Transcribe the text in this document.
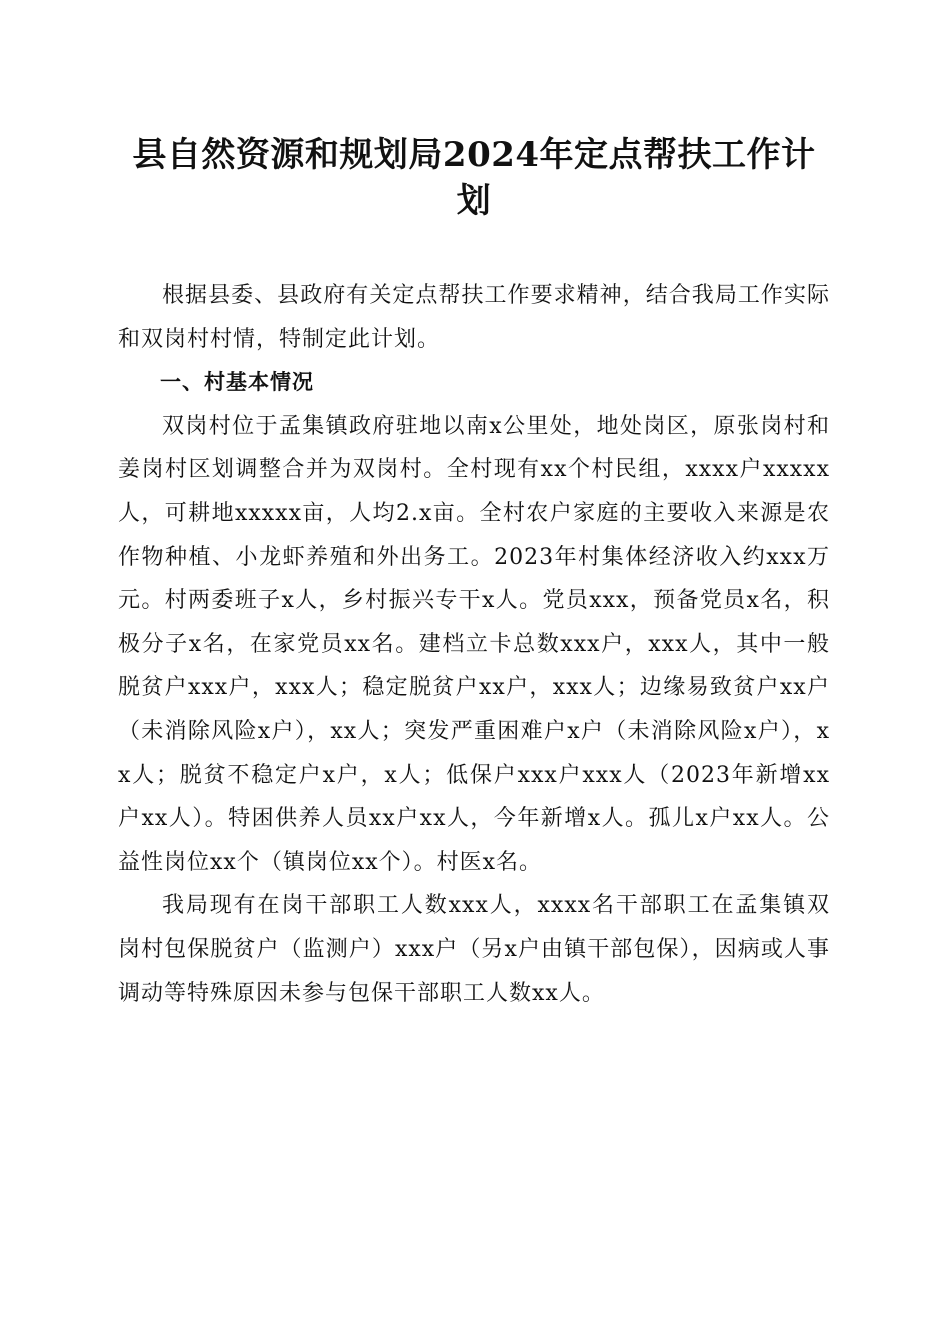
县自然资源和规划局2024年定点帮扶工作计划

根据县委、县政府有关定点帮扶工作要求精神，结合我局工作实际和双岗村村情，特制定此计划。

一、村基本情况

双岗村位于孟集镇政府驻地以南x公里处，地处岗区，原张岗村和姜岗村区划调整合并为双岗村。全村现有xx个村民组，xxxx户xxxxx人，可耕地xxxxx亩，人均2.x亩。全村农户家庭的主要收入来源是农作物种植、小龙虾养殖和外出务工。2023年村集体经济收入约xxx万元。村两委班子x人，乡村振兴专干x人。党员xxx，预备党员x名，积极分子x名，在家党员xx名。建档立卡总数xxx户，xxx人，其中一般脱贫户xxx户，xxx人；稳定脱贫户xx户，xxx人；边缘易致贫户xx户（未消除风险x户），xx人；突发严重困难户x户（未消除风险x户），xx人；脱贫不稳定户x户，x人；低保户xxx户xxx人（2023年新增xx户xx人）。特困供养人员xx户xx人，今年新增x人。孤儿x户xx人。公益性岗位xx个（镇岗位xx个）。村医x名。

我局现有在岗干部职工人数xxx人，xxxx名干部职工在孟集镇双岗村包保脱贫户（监测户）xxx户（另x户由镇干部包保），因病或人事调动等特殊原因未参与包保干部职工人数xx人。
